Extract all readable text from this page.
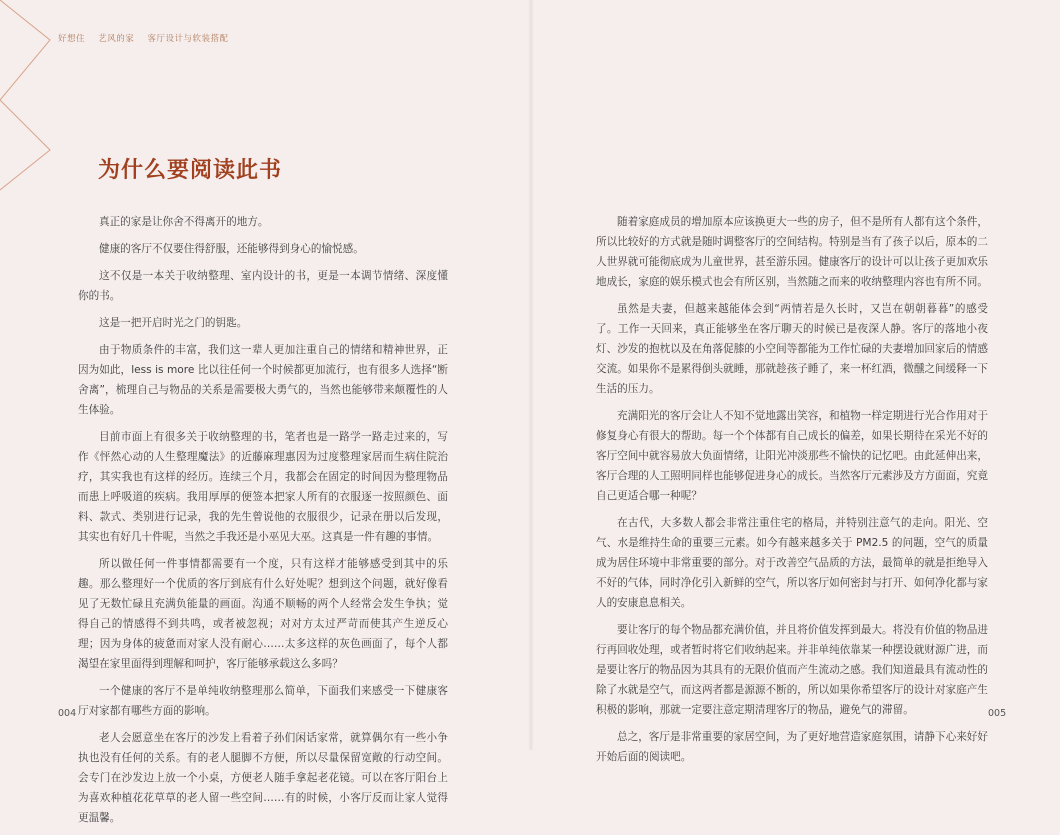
好想住 艺风的家 客厅设计与软装搭配
为什么要阅读此书

真正的家是让你舍不得离开的地方。

健康的客厅不仅要住得舒服，还能够得到身心的愉悦感。

这不仅是一本关于收纳整理、室内设计的书，更是一本调节情绪、深度懂你的书。

这是一把开启时光之门的钥匙。

由于物质条件的丰富，我们这一辈人更加注重自己的情绪和精神世界，正因为如此，less is more 比以往任何一个时候都更加流行，也有很多人选择“断舍离”，梳理自己与物品的关系是需要极大勇气的，当然也能够带来颠覆性的人生体验。

目前市面上有很多关于收纳整理的书，笔者也是一路学一路走过来的，写作《怦然心动的人生整理魔法》的近藤麻理惠因为过度整理家居而生病住院治疗，其实我也有这样的经历。连续三个月，我都会在固定的时间因为整理物品而患上呼吸道的疾病。我用厚厚的便签本把家人所有的衣服逐一按照颜色、面料、款式、类别进行记录，我的先生曾说他的衣服很少，记录在册以后发现，其实也有好几十件呢，当然之手我还是小巫见大巫。这真是一件有趣的事情。

所以做任何一件事情都需要有一个度，只有这样才能够感受到其中的乐趣。那么整理好一个优质的客厅到底有什么好处呢？想到这个问题，就好像看见了无数忙碌且充满负能量的画面。沟通不顺畅的两个人经常会发生争执；觉得自己的情感得不到共鸣，或者被忽视；对对方太过严苛而使其产生逆反心理；因为身体的疲惫而对家人没有耐心……太多这样的灰色画面了，每个人都渴望在家里面得到理解和呵护，客厅能够承载这么多吗？

一个健康的客厅不是单纯收纳整理那么简单，下面我们来感受一下健康客厅对家都有哪些方面的影响。

老人会愿意坐在客厅的沙发上看着子孙们闲话家常，就算偶尔有一些小争执也没有任何的关系。有的老人腿脚不方便，所以尽量保留宽敞的行动空间。会专门在沙发边上放一个小桌，方便老人随手拿起老花镜。可以在客厅阳台上为喜欢种植花花草草的老人留一些空间……有的时候，小客厅反而让家人觉得更温馨。

随着家庭成员的增加原本应该换更大一些的房子，但不是所有人都有这个条件，所以比较好的方式就是随时调整客厅的空间结构。特别是当有了孩子以后，原本的二人世界就可能彻底成为儿童世界，甚至游乐园。健康客厅的设计可以让孩子更加欢乐地成长，家庭的娱乐模式也会有所区别，当然随之而来的收纳整理内容也有所不同。

虽然是夫妻，但越来越能体会到“两情若是久长时，又岂在朝朝暮暮”的感受了。工作一天回来，真正能够坐在客厅聊天的时候已是夜深人静。客厅的落地小夜灯、沙发的抱枕以及在角落促膝的小空间等都能为工作忙碌的夫妻增加回家后的情感交流。如果你不是累得倒头就睡，那就趁孩子睡了，来一杯红酒，微醺之间缓释一下生活的压力。

充满阳光的客厅会让人不知不觉地露出笑容，和植物一样定期进行光合作用对于修复身心有很大的帮助。每一个个体都有自己成长的偏差，如果长期待在采光不好的客厅空间中就容易放大负面情绪，让阳光冲淡那些不愉快的记忆吧。由此延伸出来，客厅合理的人工照明同样也能够促进身心的成长。当然客厅元素涉及方方面面，究竟自己更适合哪一种呢？

在古代，大多数人都会非常注重住宅的格局，并特别注意气的走向。阳光、空气、水是维持生命的重要三元素。如今有越来越多关于 PM2.5 的问题，空气的质量成为居住环境中非常重要的部分。对于改善空气品质的方法，最简单的就是拒绝导入不好的气体，同时净化引入新鲜的空气，所以客厅如何密封与打开、如何净化都与家人的安康息息相关。

要让客厅的每个物品都充满价值，并且将价值发挥到最大。将没有价值的物品进行再回收处理，或者暂时将它们收纳起来。并非单纯依靠某一种摆设就财源广进，而是要让客厅的物品因为其具有的无限价值而产生流动之感。我们知道最具有流动性的除了水就是空气，而这两者都是源源不断的，所以如果你希望客厅的设计对家庭产生积极的影响，那就一定要注意定期清理客厅的物品，避免气的滞留。

总之，客厅是非常重要的家居空间，为了更好地营造家庭氛围，请静下心来好好开始后面的阅读吧。

004	005
